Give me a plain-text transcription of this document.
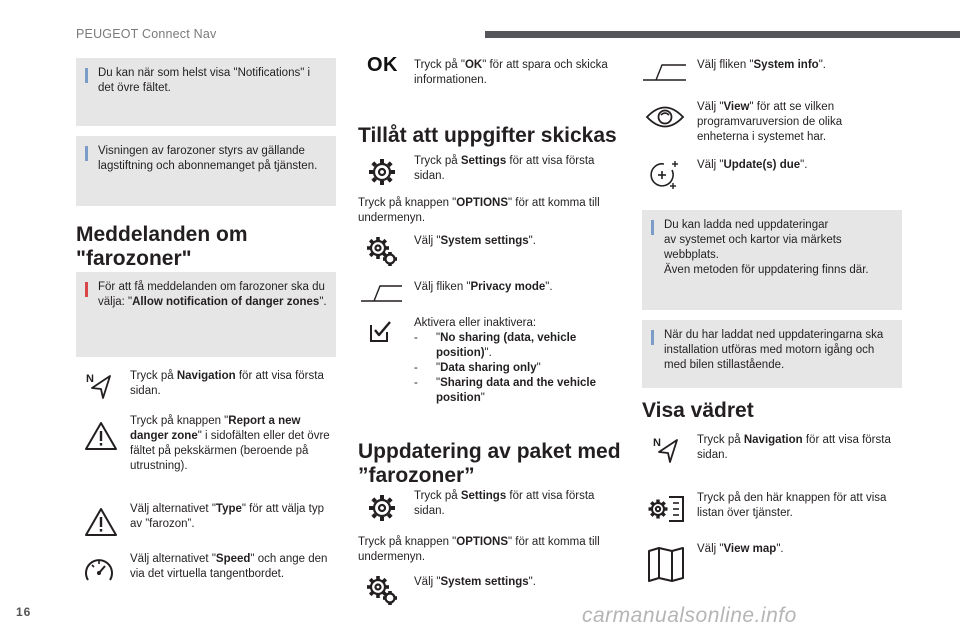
PEUGEOT Connect Nav
16	carmanualsonline.info
Du kan när som helst visa "Notifications" i det övre fältet.
Visningen av farozoner styrs av gällande lagstiftning och abonnemanget på tjänsten.
Meddelanden om "farozoner"
För att få meddelanden om farozoner ska du välja: "Allow notification of danger zones".
N	Tryck på Navigation för att visa första sidan.
Tryck på knappen "Report a new danger zone" i sidofälten eller det övre fältet på pekskärmen (beroende på utrustning).
Välj alternativet "Type" för att välja typ av ”farozon”.
Välj alternativet "Speed" och ange den via det virtuella tangentbordet.
OK Tryck på "OK" för att spara och skicka informationen.
Tillåt att uppgifter skickas
Tryck på Settings för att visa första sidan.
Tryck på knappen "OPTIONS" för att komma till undermenyn.
Välj "System settings".
Välj fliken "Privacy mode".
Aktivera eller inaktivera:
- "No sharing (data, vehicle position)".
- "Data sharing only"
- "Sharing data and the vehicle position"
Uppdatering av paket med ”farozoner”
Tryck på Settings för att visa första sidan.
Tryck på knappen "OPTIONS" för att komma till undermenyn.
Välj "System settings".
Välj fliken "System info".
Välj "View" för att se vilken programvaruversion de olika enheterna i systemet har.
Välj "Update(s) due".
Du kan ladda ned uppdateringar
av systemet och kartor via märkets
webbplats.
Även metoden för uppdatering finns där.
När du har laddat ned uppdateringarna ska installation utföras med motorn igång och med bilen stillastående.
Visa vädret
N	Tryck på Navigation för att visa första sidan.
Tryck på den här knappen för att visa listan över tjänster.
Välj "View map".
